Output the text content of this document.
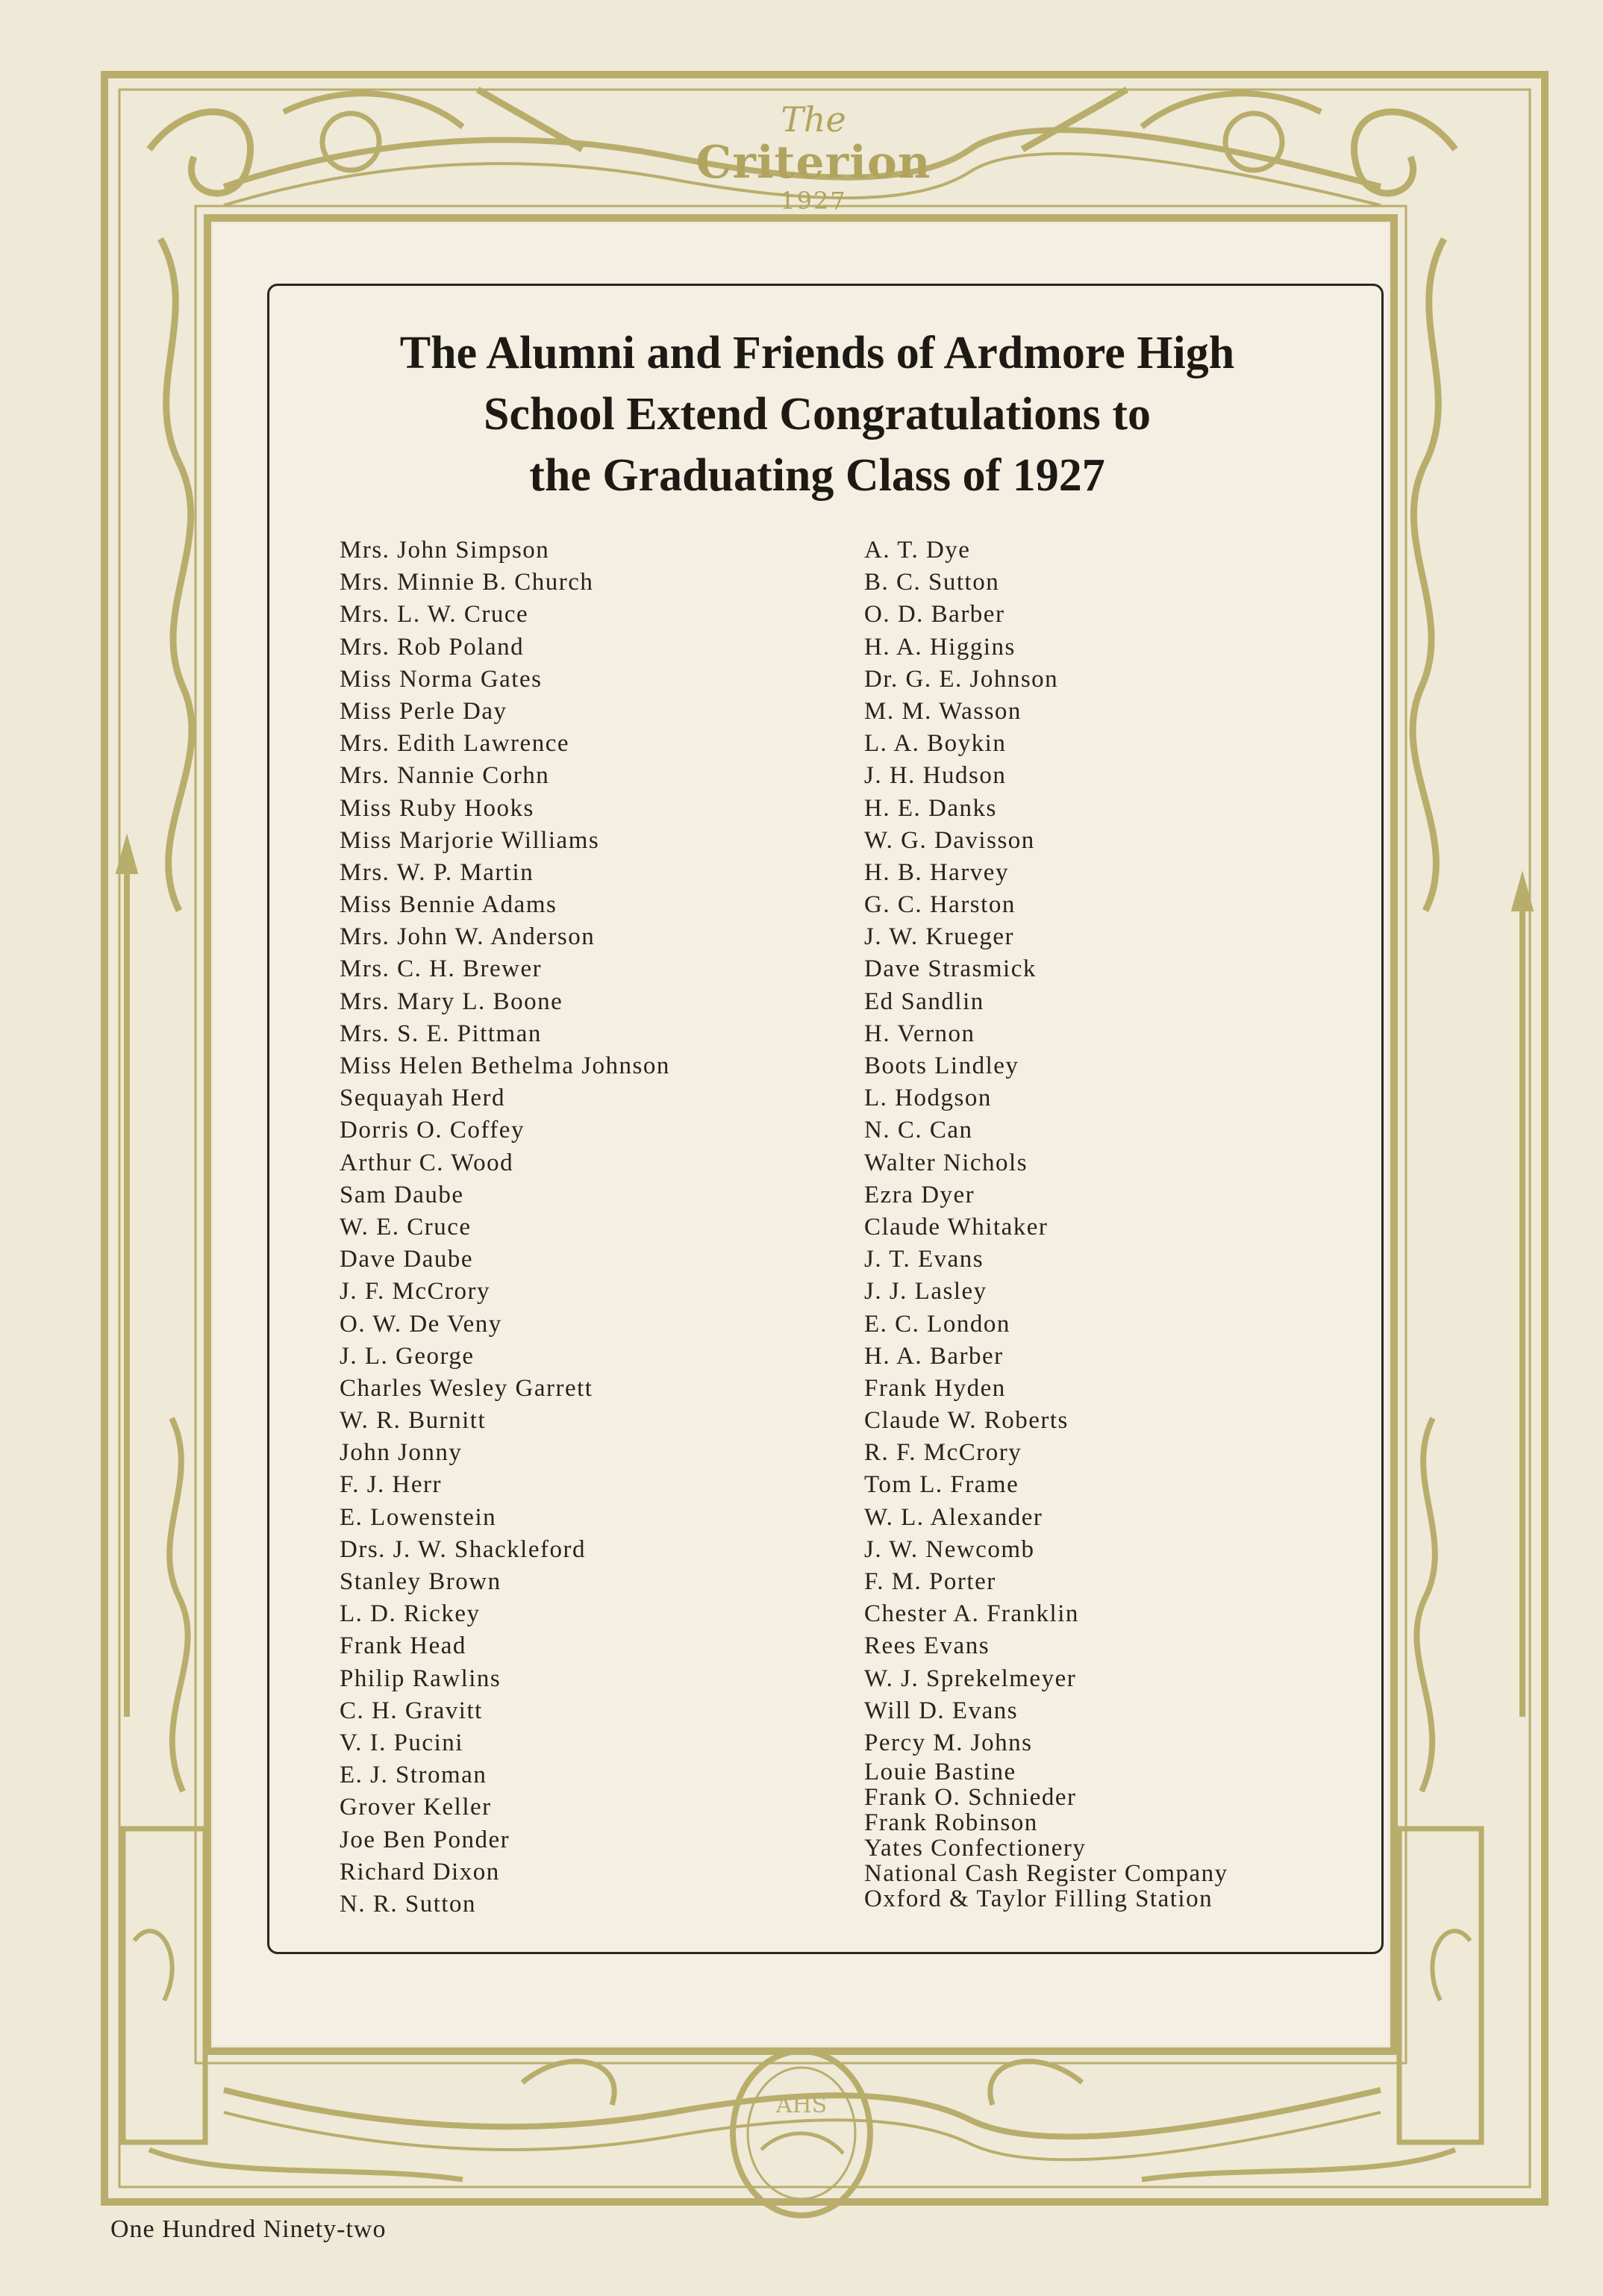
AHS
The
Criterion
1927
The Alumni and Friends of Ardmore High
School Extend Congratulations to
the Graduating Class of 1927
Mrs. John Simpson
Mrs. Minnie B. Church
Mrs. L. W. Cruce
Mrs. Rob Poland
Miss Norma Gates
Miss Perle Day
Mrs. Edith Lawrence
Mrs. Nannie Corhn
Miss Ruby Hooks
Miss Marjorie Williams
Mrs. W. P. Martin
Miss Bennie Adams
Mrs. John W. Anderson
Mrs. C. H. Brewer
Mrs. Mary L. Boone
Mrs. S. E. Pittman
Miss Helen Bethelma Johnson
Sequayah Herd
Dorris O. Coffey
Arthur C. Wood
Sam Daube
W. E. Cruce
Dave Daube
J. F. McCrory
O. W. De Veny
J. L. George
Charles Wesley Garrett
W. R. Burnitt
John Jonny
F. J. Herr
E. Lowenstein
Drs. J. W. Shackleford
Stanley Brown
L. D. Rickey
Frank Head
Philip Rawlins
C. H. Gravitt
V. I. Pucini
E. J. Stroman
Grover Keller
Joe Ben Ponder
Richard Dixon
N. R. Sutton
A. T. Dye
B. C. Sutton
O. D. Barber
H. A. Higgins
Dr. G. E. Johnson
M. M. Wasson
L. A. Boykin
J. H. Hudson
H. E. Danks
W. G. Davisson
H. B. Harvey
G. C. Harston
J. W. Krueger
Dave Strasmick
Ed Sandlin
H. Vernon
Boots Lindley
L. Hodgson
N. C. Can
Walter Nichols
Ezra Dyer
Claude Whitaker
J. T. Evans
J. J. Lasley
E. C. London
H. A. Barber
Frank Hyden
Claude W. Roberts
R. F. McCrory
Tom L. Frame
W. L. Alexander
J. W. Newcomb
F. M. Porter
Chester A. Franklin
Rees Evans
W. J. Sprekelmeyer
Will D. Evans
Percy M. Johns
Louie Bastine
Frank O. Schnieder
Frank Robinson
Yates Confectionery
National Cash Register Company
Oxford & Taylor Filling Station
One Hundred Ninety-two
